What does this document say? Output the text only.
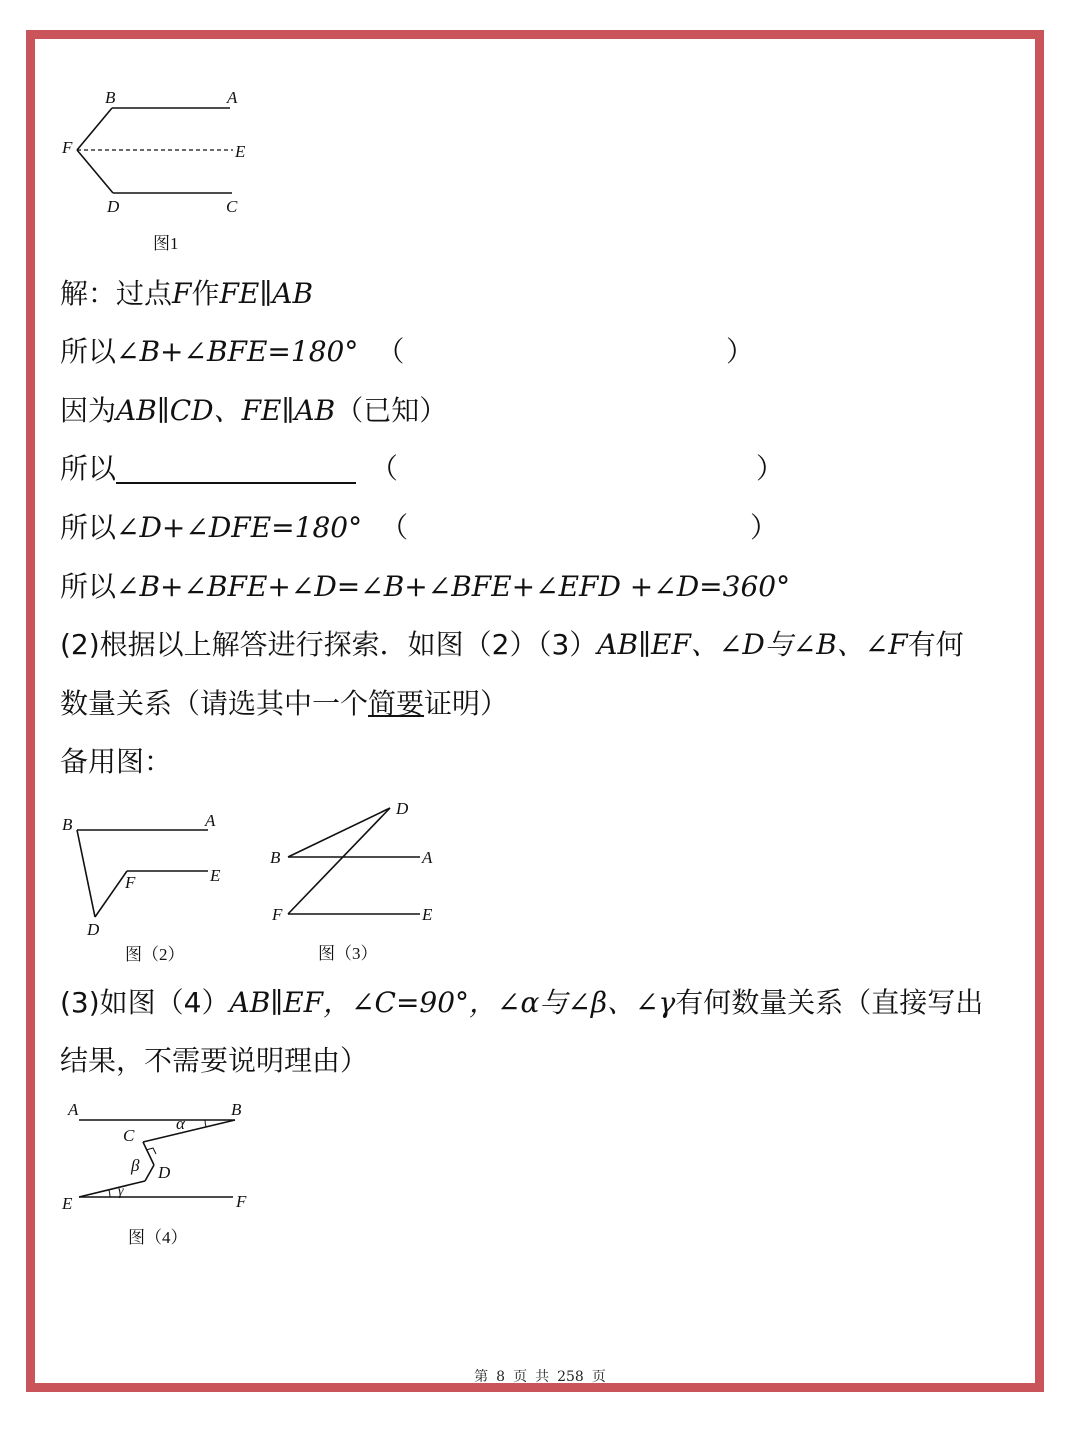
B	A
F	E
D	C
图1
解：过点F作FE∥AB
所以∠B+∠BFE=180° （	）
因为AB∥CD、FE∥AB（已知）
所以	（	）
所以∠D+∠DFE=180° （	）
所以∠B+∠BFE+∠D=∠B+∠BFE+∠EFD +∠D=360°
(2)根据以上解答进行探索．如图（2）（3）AB∥EF、∠D与∠B、∠F有何
数量关系（请选其中一个简要证明）
备用图：
B	A
F	E
D
图（2）
D
B	A
F	E
图（3）
(3)如图（4）AB∥EF，∠C=90°，∠α与∠β、∠γ有何数量关系（直接写出
结果，不需要说明理由）
A	B
α
C
β D
γ
E	F
图（4）
第 8 页 共 258 页
